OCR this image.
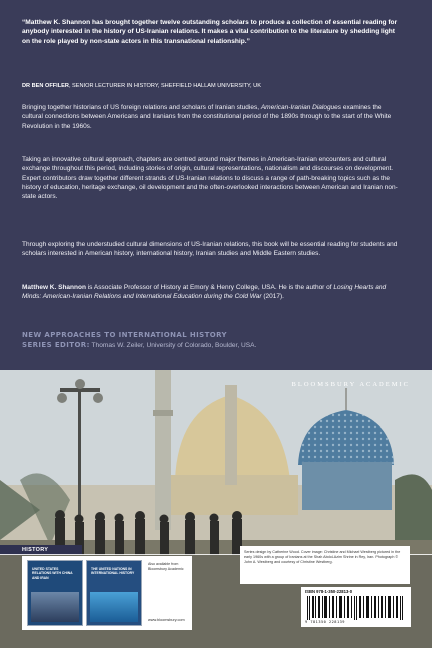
“Matthew K. Shannon has brought together twelve outstanding scholars to produce a collection of essential reading for anybody interested in the history of US-Iranian relations. It makes a vital contribution to the literature by shedding light on the role played by non-state actors in this transnational relationship.”
DR BEN OFFILER, SENIOR LECTURER IN HISTORY, SHEFFIELD HALLAM UNIVERSITY, UK
Bringing together historians of US foreign relations and scholars of Iranian studies, American-Iranian Dialogues examines the cultural connections between Americans and Iranians from the constitutional period of the 1890s through to the start of the White Revolution in the 1960s.
Taking an innovative cultural approach, chapters are centred around major themes in American-Iranian encounters and cultural exchange throughout this period, including stories of origin, cultural representations, nationalism and discourses on development. Expert contributors draw together different strands of US-Iranian relations to discuss a range of path-breaking topics such as the history of education, heritage exchange, oil development and the often-overlooked interactions between American and Iranian non-state actors.
Through exploring the understudied cultural dimensions of US-Iranian relations, this book will be essential reading for students and scholars interested in American history, international history, Iranian studies and Middle Eastern studies.
Matthew K. Shannon is Associate Professor of History at Emory & Henry College, USA. He is the author of Losing Hearts and Minds: American-Iranian Relations and International Education during the Cold War (2017).
NEW APPROACHES TO INTERNATIONAL HISTORY
SERIES EDITOR: Thomas W. Zeiler, University of Colorado, Boulder, USA.
BLOOMSBURY ACADEMIC
HISTORY
UNITED STATES RELATIONS WITH CHINA AND IRAN
THE UNITED NATIONS IN INTERNATIONAL HISTORY
Also available from Bloomsbury Academic
www.bloomsbury.com
Series design by Catherine Wood. Cover image: Christine and Michael Westberg pictured in the early 1960s with a group of Iranians at the Shah Abdol-Azim Shrine in Rey, Iran. Photograph © John A. Westberg and courtesy of Christine Westberg.
ISBN 978-1-350-22813-0
9 781350 228139
